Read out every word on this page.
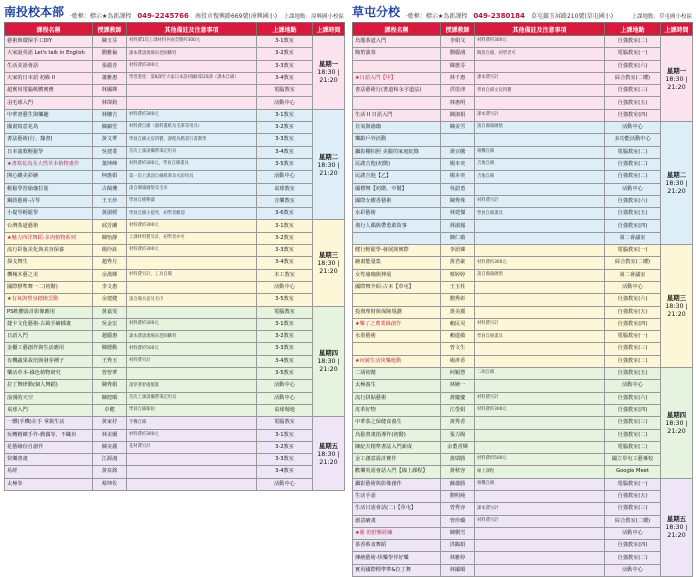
南投校本部 ‧藍框：標示★為新課程 049-2245766 南投市復興路669號(漳興國小) 上課地點：漳興國小校區
課程名稱	授課教師	其他備註及注意事項	上課地點	上課時間
藝術與環保手工DIY	陳玉芬	材料費1次上課材料共兩全期約300元	3-1教室	星期一
18:30 | 21:20

大家說英語 Let's talk in English	劉雅倫	課本費請現場向老師購買	3-2教室	
生活美語會話	張麗青	材料費約300元	3-3教室	
大家的日本語 初級 II	蕭雅惠	學習進度：第8課至大家日本語初級II第20課（課本自備）	3-4教室	
超實用電腦軟體實務	林國輝		電腦教室	
羽毛球入門	林瑋鈞		活動中心	
中華書藝生與樂趣	林穗吉	材料費約300元	3-1教室	星期二
18:30 | 21:20

國畫寫意花鳥	陳錦堂	材料費自備（顏料畫紙及毛筆等用具）	3-2教室	
書法藝術(行、隸書)	黃文華	學員自備文房四寶，課程為楷書行書教學	3-3教室	
日本演歌輕鬆學	吳建業	首次上課請攜帶筆記用具	3-4教室	
★書寫花鳥及大然草本植物畫作	葉坤峰	材料費約300元，學員自備畫具	3-5教室	
開心購美彩繪	柯惠娟	第一次上課請自備紙筆及水彩用具	活動中心	
輕鬆學習瑜珈拉筋	古佩珊	請自備瑜珈墊及毛巾	桌球教室	
鋼鼓藝術-古琴	王玉珍	學員自備樂器	音樂教室	
小提琴輕鬆學	黃淑媛	學員自備小提琴，初學者歡迎	3-6教室	
台灣茶道藝術	邱芳蘭	材料費約300元	3-1教室	星期三
18:30 | 21:20

★魅力西洋舞蹈-多肉植物系列	陳怡靜	上課材料費另計，初學者亦可	3-2教室	
流行彩妝美化與美容保養	楊玲鈺	材料費約300元	3-3教室	
探戈舞生	趙秀月		3-4教室	
機械木藝之美	余漢輝	材料費另計，工具自備	木工教室	
國際標準舞一二(初階)	李文惠		活動中心	
★有氧與塑身踏操雲動	余建健	請自備水壺及毛巾	3-5教室	
PS軟體設計影像應用	黃嘉雯		電腦教室	星期四
18:30 | 21:20

捷卡文化藝術-古風手繪插畫	吳金宏	材料費約300元	3-1教室	
日語入門	趙麗惠	課本費請現場向老師購買	3-2教室	
金屬工藝創作與生活應用	陳德勳	材料費約500元	3-3教室	
有機蔬果栽培與發芽種子	王秀玉	材料費另計	3-4教室	
樂活草本-綠色植物研究	曾曾華		3-5教室	
拉丁舞律動(個人舞蹈)	陳秀娟	請穿著舒適服裝	活動中心	
浪漫的天空	陳煌順	首次上課請攜帶筆記用具	活動中心	
桌球入門	卓健	學員自備球拍	桌球場地	
一體(手機)在手 掌握生活	黃家妤	手機自備	電腦教室	星期五
18:30 | 21:20

玩轉精緻手作-戲偶等、不織布	林美嬌	材料費約300元	3-1教室	
花藝緣份自創作	陳美麗	花材費另計	3-2教室	
快樂書畫	江源鴻		3-3教室	
易經	黃泉銘		3-4教室	
太極拳	蔡坤佐		活動中心	
草屯分校 ‧藍框：標示★為新課程 049-2380184 草屯鎮玉屏路210號(草屯國小)	上課地點：草屯國小校區
課程名稱	授課教師	其他備註及注意事項	上課地點	上課時間
烏龍茶道入門	李娟文	材料費約300元	自強教室(二)	星期一
18:30 | 21:20

陶笛演奏	劉麗鴻	陶笛自備，初學者可	電腦教室(一)	
	陳惠芬		自強教室(六)	
★日語入門【甲】	林千惠	課本費另計	綜合教室(二樓)	
書法藝術行(書道和永字道法)	洪塗津	學員自備文房四寶	自強教室(三)	
	林惠明		自強教室(五)	
生活 II 日語入門	陳淑娟	課本費另計	自強教室(四)	
有氧與瑜珈	陳美雪	請自備瑜珈墊	活動中心	星期二
18:30 | 21:20

樂齡戶外活動			多功能活動中心	
攝影棚拍照 美麗的家庭紀錄	黃百騰	相機自備	電腦教室(二)	
民謠吉他(初階)	楊本奕	吉他自備	自強教室(二)	
民謠吉他【乙】	楊本奕	吉他自備	自強教室(二)	
國標舞【初階、中階】	吳韶勇		活動中心	
國際女樹香藝術	陳秀珠	材料費另計	自強教室(六)	
水彩藝術	林建傑	學員自備畫具	自強教室(五)	
飛行人偶與帶勇敢故事	林淑鳳		自強教室(四)	
	陳仁敏		第二會議室	
健行輕鬆學-發展與實際	李語臻		電腦教室(一)	星期三
18:30 | 21:20

繪畫能量集	黃君豪	材料費約300元	綜合教室(二樓)	
女性瑜珈與伸展	蔡婷婷	請自備瑜珈墊	第二會議室	
國際舞介紹-古本【草屯】	王玉柱		活動中心	
	劉秀彰		自強教室(六)	
投資理財與保險規劃	黃美麗		自強教室(五)	
★樂了之農業綠創作	賴民昊	材料費另計	自強教室(四)	
水墨藝術	賴進敏	學員自備畫具	電腦教室(一)	
	曾文生		自強教室(三)	
★河鏡生活快樂運動	楊彥香		自強教室(二)	
二胡初階	何穎慧	二胡自備	自強教室(五)	星期四
18:30 | 21:20

太極養生	林婉一		活動中心	
流行拼貼藝術	黃慶慶	材料費另計	自強教室(六)	
皮革好物	江瑩娟	材料費約300元	自強教室(四)	
中華茶之保健食養生	黃秀香		自強教室(三)	
烏鬆書畫指導作(初階)	張力陽		自強教室(二)	
陳紀夫精準書法入門新成	余董香輝		電腦教室(二)	
金工創意設計實作	黃瑞勝	材料費約500元	國立草屯工藝專校	
歡樂英語會話入門【線上課程】	黃秋容	線上課程	Google Meet	
攝影藝術與影像創作	蘇蕭勝	相機自備	電腦教室(一)	星期五
18:30 | 21:20

生活手語	劉明純		自強教室(五)	
生活日語會話(二)【草屯】	曾秀容	課本費另計	自強教室(三)	
創意繪畫	曾珍璐	材料費另計	綜合教室(二樓)	
★勝 的舒壓經練	陳劉雪		活動中心	
茶香蔡食舞蹈	洪鶴娟		自強教室(四)	
傳統藝術-快樂學伴好樂	林雅婷		自強教室(二)	
實用國際標準準&拉丁舞	林國順		活動中心	
